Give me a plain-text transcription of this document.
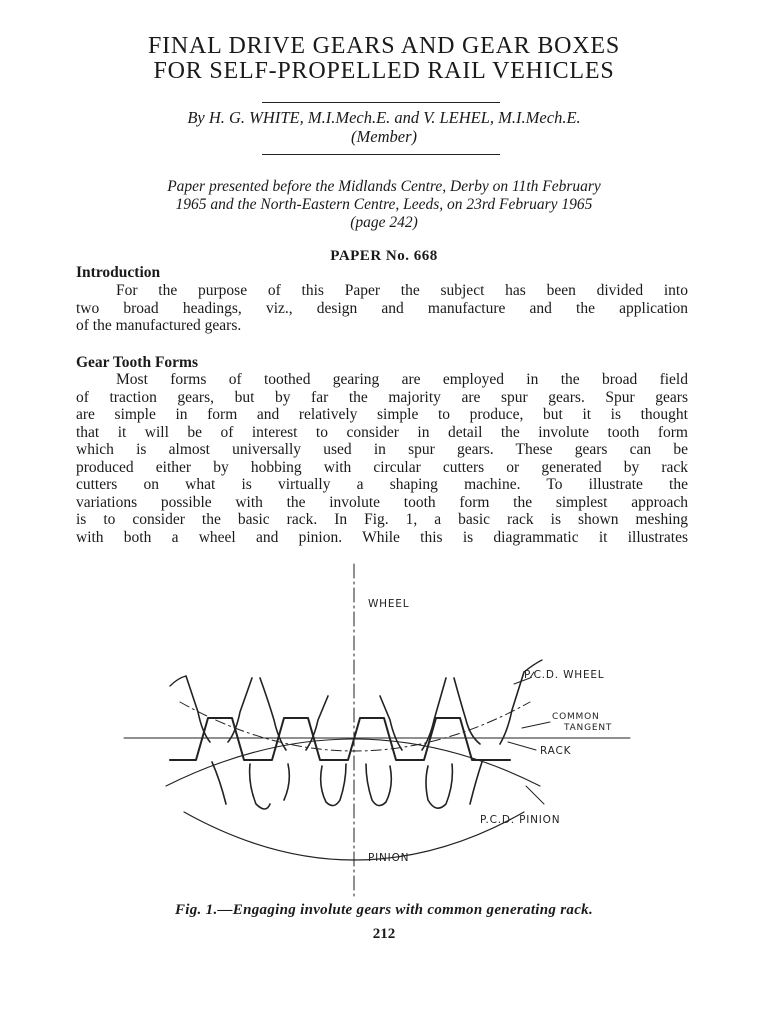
FINAL DRIVE GEARS AND GEAR BOXES
FOR SELF-PROPELLED RAIL VEHICLES
By H. G. WHITE, M.I.Mech.E. and V. LEHEL, M.I.Mech.E.
(Member)
Paper presented before the Midlands Centre, Derby on 11th February
1965 and the North-Eastern Centre, Leeds, on 23rd February 1965
(page 242)
PAPER No. 668
Introduction
For the purpose of this Paper the subject has been divided into
two broad headings, viz., design and manufacture and the application
of the manufactured gears.
Gear Tooth Forms
Most forms of toothed gearing are employed in the broad field
of traction gears, but by far the majority are spur gears. Spur gears
are simple in form and relatively simple to produce, but it is thought
that it will be of interest to consider in detail the involute tooth form
which is almost universally used in spur gears. These gears can be
produced either by hobbing with circular cutters or generated by rack
cutters on what is virtually a shaping machine. To illustrate the
variations possible with the involute tooth form the simplest approach
is to consider the basic rack. In Fig. 1, a basic rack is shown meshing
with both a wheel and pinion. While this is diagrammatic it illustrates
WHEEL
P.C.D. WHEEL
COMMON
TANGENT
RACK
P.C.D. PINION
PINION
Fig. 1.—Engaging involute gears with common generating rack.
212
